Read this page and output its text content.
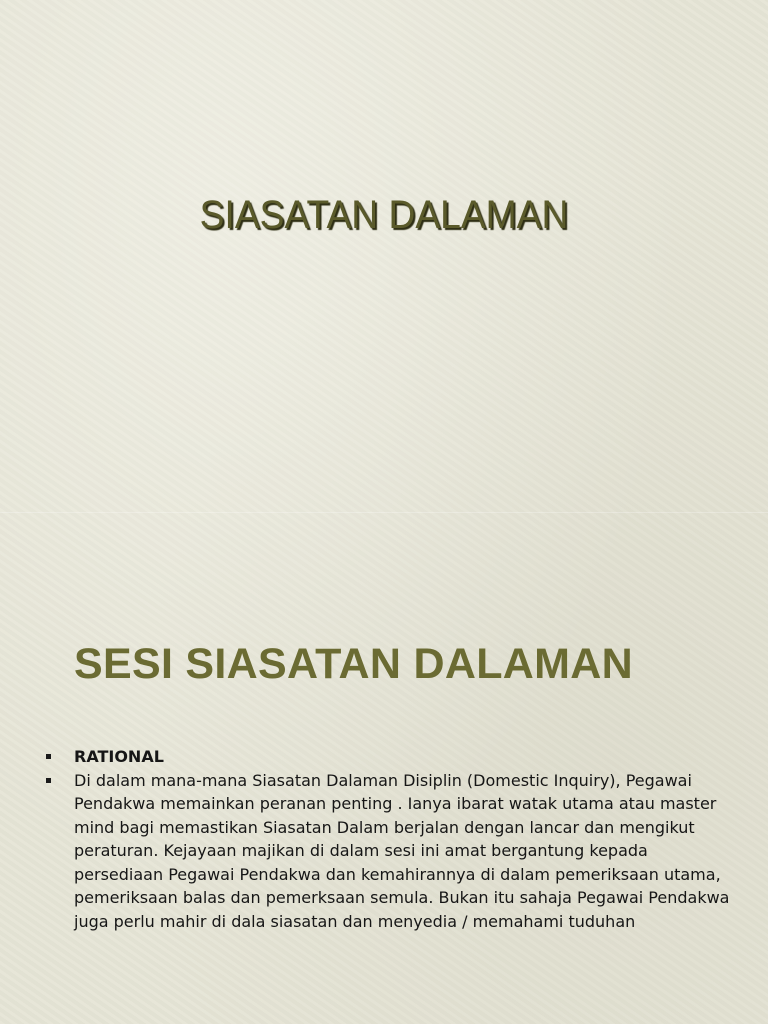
SIASATAN DALAMAN
SESI SIASATAN DALAMAN
RATIONAL
Di dalam mana-mana Siasatan Dalaman Disiplin (Domestic Inquiry), Pegawai Pendakwa memainkan peranan penting . Ianya ibarat watak utama atau master mind bagi memastikan Siasatan Dalam berjalan dengan lancar dan mengikut peraturan. Kejayaan majikan di dalam sesi ini amat bergantung kepada persediaan Pegawai Pendakwa dan kemahirannya di dalam pemeriksaan utama, pemeriksaan balas dan pemerksaan semula. Bukan itu sahaja Pegawai Pendakwa juga perlu mahir di dala siasatan dan menyedia / memahami tuduhan
